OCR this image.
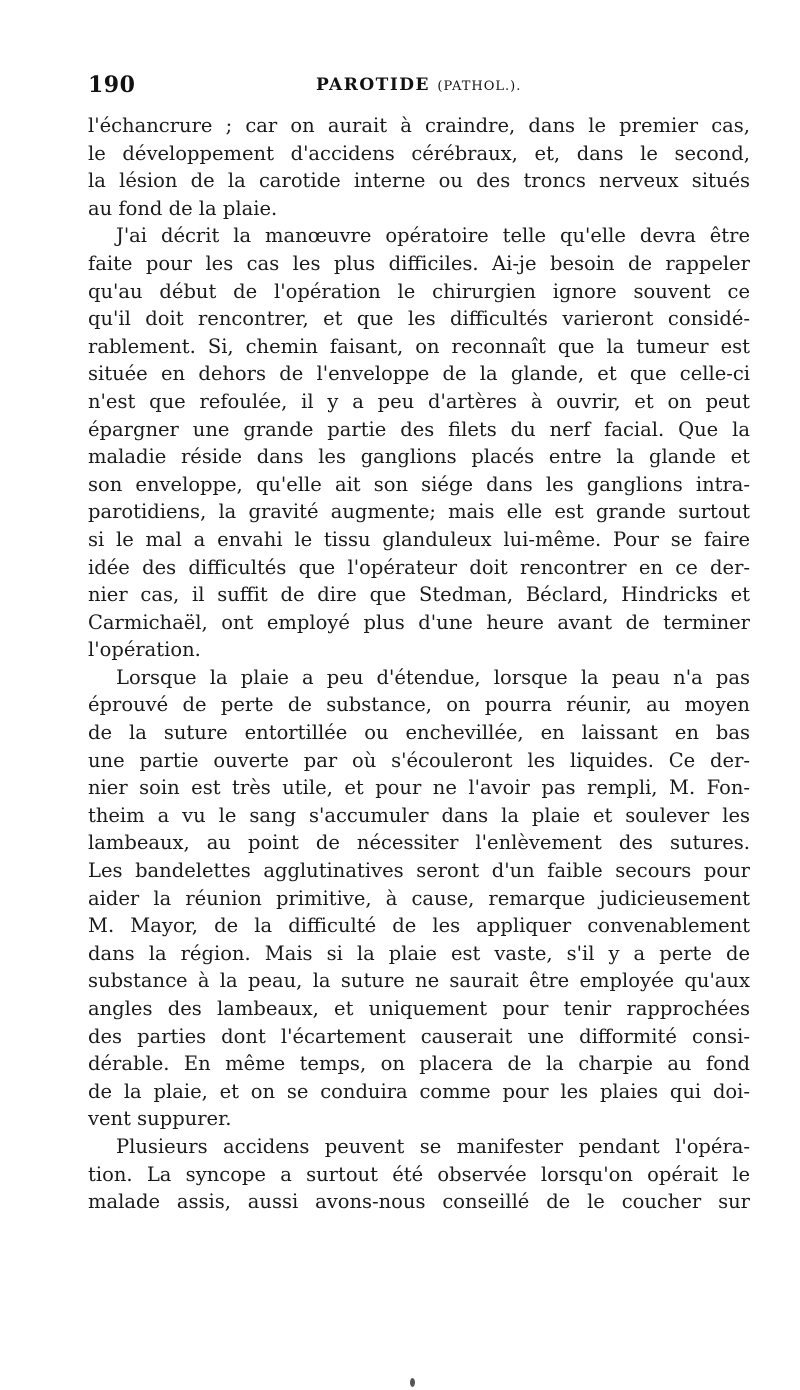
190	PAROTIDE (PATHOL.).
l'échancrure ; car on aurait à craindre, dans le premier cas,
le développement d'accidens cérébraux, et, dans le second,
la lésion de la carotide interne ou des troncs nerveux situés
au fond de la plaie.
J'ai décrit la manœuvre opératoire telle qu'elle devra être
faite pour les cas les plus difficiles. Ai-je besoin de rappeler
qu'au début de l'opération le chirurgien ignore souvent ce
qu'il doit rencontrer, et que les difficultés varieront considé-
rablement. Si, chemin faisant, on reconnaît que la tumeur est
située en dehors de l'enveloppe de la glande, et que celle-ci
n'est que refoulée, il y a peu d'artères à ouvrir, et on peut
épargner une grande partie des filets du nerf facial. Que la
maladie réside dans les ganglions placés entre la glande et
son enveloppe, qu'elle ait son siége dans les ganglions intra-
parotidiens, la gravité augmente; mais elle est grande surtout
si le mal a envahi le tissu glanduleux lui-même. Pour se faire
idée des difficultés que l'opérateur doit rencontrer en ce der-
nier cas, il suffit de dire que Stedman, Béclard, Hindricks et
Carmichaël, ont employé plus d'une heure avant de terminer
l'opération.
Lorsque la plaie a peu d'étendue, lorsque la peau n'a pas
éprouvé de perte de substance, on pourra réunir, au moyen
de la suture entortillée ou enchevillée, en laissant en bas
une partie ouverte par où s'écouleront les liquides. Ce der-
nier soin est très utile, et pour ne l'avoir pas rempli, M. Fon-
theim a vu le sang s'accumuler dans la plaie et soulever les
lambeaux, au point de nécessiter l'enlèvement des sutures.
Les bandelettes agglutinatives seront d'un faible secours pour
aider la réunion primitive, à cause, remarque judicieusement
M. Mayor, de la difficulté de les appliquer convenablement
dans la région. Mais si la plaie est vaste, s'il y a perte de
substance à la peau, la suture ne saurait être employée qu'aux
angles des lambeaux, et uniquement pour tenir rapprochées
des parties dont l'écartement causerait une difformité consi-
dérable. En même temps, on placera de la charpie au fond
de la plaie, et on se conduira comme pour les plaies qui doi-
vent suppurer.
Plusieurs accidens peuvent se manifester pendant l'opéra-
tion. La syncope a surtout été observée lorsqu'on opérait le
malade assis, aussi avons-nous conseillé de le coucher sur
